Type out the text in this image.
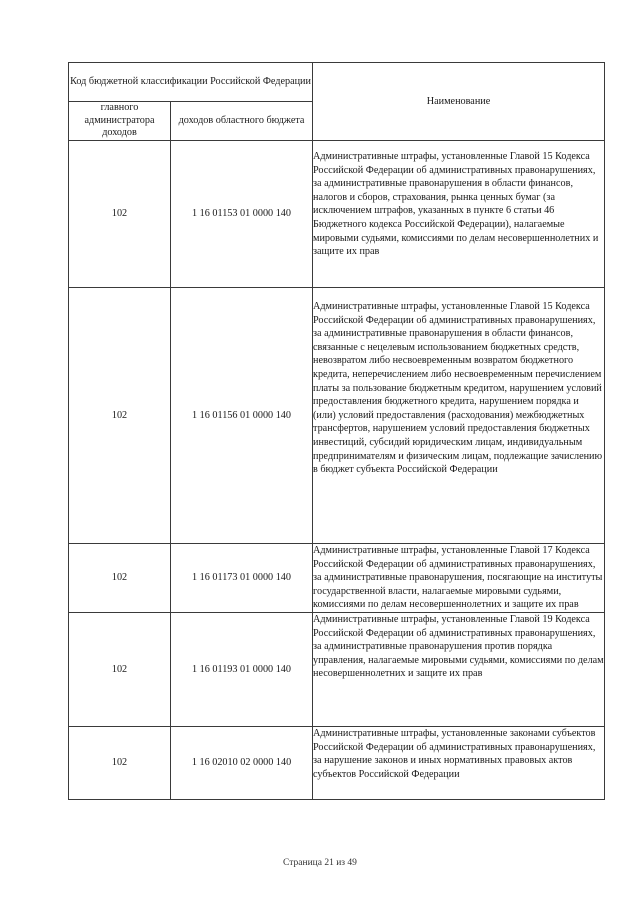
Код бюджетной классификации Российской Федерации		Наименование
главного администратора доходов	доходов областного бюджета	
102	1 16 01153 01 0000 140	Административные штрафы, установленные Главой 15 Кодекса Российской Федерации об административных правонарушениях, за административные правонарушения в области финансов, налогов и сборов, страхования, рынка ценных бумаг (за исключением штрафов, указанных в пункте 6 статьи 46 Бюджетного кодекса Российской Федерации), налагаемые мировыми судьями, комиссиями по делам несовершеннолетних и защите их прав
102	1 16 01156 01 0000 140	Административные штрафы, установленные Главой 15 Кодекса Российской Федерации об административных правонарушениях, за административные правонарушения в области финансов, связанные с нецелевым использованием бюджетных средств, невозвратом либо несвоевременным возвратом бюджетного кредита, неперечислением либо несвоевременным перечислением платы за пользование бюджетным кредитом, нарушением условий предоставления бюджетного кредита, нарушением порядка и (или) условий предоставления (расходования) межбюджетных трансфертов, нарушением условий предоставления бюджетных инвестиций, субсидий юридическим лицам, индивидуальным предпринимателям и физическим лицам, подлежащие зачислению в бюджет субъекта Российской Федерации
102	1 16 01173 01 0000 140	Административные штрафы, установленные Главой 17 Кодекса Российской Федерации об административных правонарушениях, за административные правонарушения, посягающие на институты государственной власти, налагаемые мировыми судьями, комиссиями по делам несовершеннолетних и защите их прав
102	1 16 01193 01 0000 140	Административные штрафы, установленные Главой 19 Кодекса Российской Федерации об административных правонарушениях, за административные правонарушения против порядка управления, налагаемые мировыми судьями, комиссиями по делам несовершеннолетних и защите их прав
102	1 16 02010 02 0000 140	Административные штрафы, установленные законами субъектов Российской Федерации об административных правонарушениях, за нарушение законов и иных нормативных правовых актов субъектов Российской Федерации
Страница 21 из 49
